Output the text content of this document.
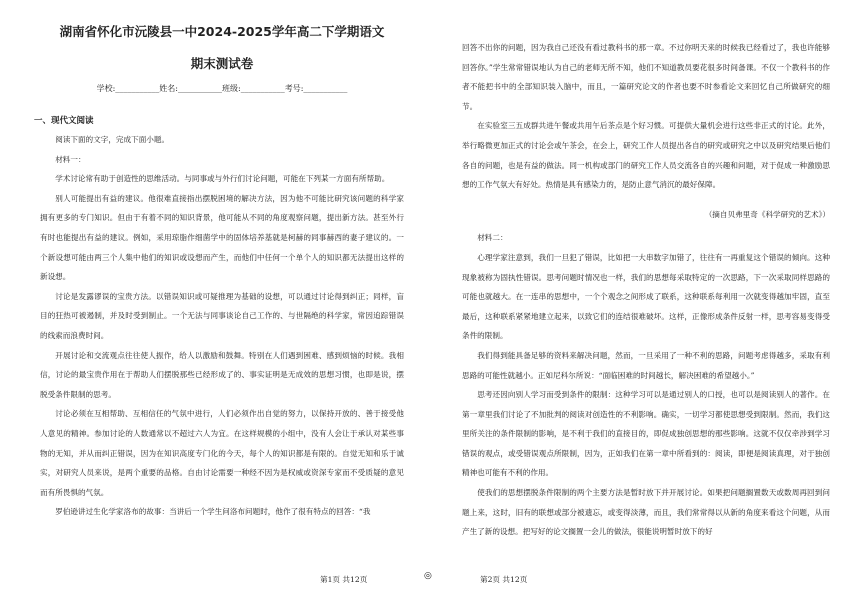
湖南省怀化市沅陵县一中2024-2025学年高二下学期语文
期末测试卷
学校:___________姓名:___________班级:___________考号:___________
一、现代文阅读

阅读下面的文字，完成下面小题。

材料一：

学术讨论常有助于创造性的思维活动。与同事或与外行们讨论问题，可能在下列某一方面有所帮助。

别人可能提出有益的建议。他很难直接指出摆脱困境的解决方法，因为他不可能比研究该问题的科学家拥有更多的专门知识。但由于有着不同的知识背景，他可能从不同的角度观察问题，提出新方法。甚至外行有时也能提出有益的建议。例如，采用琼脂作细菌学中的固体培养基就是柯赫的同事赫西的妻子建议的。一个新设想可能由两三个人集中他们的知识或设想而产生，而他们中任何一个单个人的知识都无法提出这样的新设想。

讨论是发露谬误的宝贵方法。以错误知识或可疑推理为基础的设想，可以通过讨论得到纠正；同样，盲目的狂热可被遏制，并及时受到制止。一个无法与同事谈论自己工作的、与世隔绝的科学家，常因追踪错误的线索而浪费时间。

开展讨论和交流观点往往使人振作，给人以激励和鼓舞。特别在人们遇到困难、感到烦恼的时候。我相信，讨论的最宝贵作用在于帮助人们摆脱那些已经形成了的、事实证明是无成效的思想习惯，也即是说，摆脱受条件限制的思考。

讨论必须在互相帮助、互相信任的气氛中进行，人们必须作出自觉的努力，以保持开放的、善于接受他人意见的精神。参加讨论的人数通常以不超过六人为宜。在这样规模的小组中，没有人会让于承认对某些事物的无知，并从而纠正错误，因为在知识高度专门化的今天，每个人的知识都是有限的。自觉无知和乐于诚实，对研究人员来说，是两个重要的品格。自由讨论需要一种经不因为是权威或资深专家而不受质疑的意见而有所畏惧的气氛。

罗伯逊讲过生化学家洛布的故事：当讲后一个学生问洛布问题时，他作了很有特点的回答：“我

回答不出你的问题，因为我自己还没有看过教科书的那一章。不过你明天来的时候我已经看过了，我也许能够回答你。”学生常常错误地认为自己的老师无所不知，他们不知道教员要花很多时间备课。不仅一个教科书的作者不能把书中的全部知识装入脑中，而且，一篇研究论文的作者也要不时参看论文来回忆自己所做研究的细节。

在实验室三五成群共进午餐或共用午后茶点是个好习惯。可提供大量机会进行这些非正式的讨论。此外，举行略微更加正式的讨论会或午茶会，在会上，研究工作人员提出各自的研究或研究之中以及研究结果后他们各自的问题，也是有益的做法。同一机构或部门的研究工作人员交流各自的兴趣和问题，对于促成一种激励思想的工作气氛大有好处。热情是具有感染力的，是防止意气消沉的最好保障。

（摘自贝弗里奇《科学研究的艺术》）

材料二：

心理学家注意到，我们一旦犯了错误，比如把一大串数字加错了，往往有一再重复这个错误的倾向。这种现象被称为固执性错误。思考问题时情况也一样，我们的思想每采取特定的一次思路，下一次采取同样思路的可能也就越大。在一连串的思想中，一个个观念之间形成了联系，这种联系每利用一次就变得越加牢固，直至最后，这种联系紧紧地建立起来，以致它们的连结很难破坏。这样，正像形成条件反射一样，思考容易变得受条件的限制。

我们得到能具备足够的资料来解决问题，然而，一旦采用了一种不利的思路，问题考虑得越多，采取有利思路的可能性就越小。正如尼科尔所说：“面临困难的时间越长，解决困难的希望越小。”

思考还因向别人学习而受到条件的限制：这种学习可以是通过别人的口授，也可以是阅读别人的著作。在第一章里我们讨论了不加批判的阅读对创造性的不利影响。确实，一切学习都使思想受到限制。然而，我们这里所关注的条件限制的影响，是不利于我们的直接目的，即促成独创思想的那些影响。这就不仅仅牵涉到学习错误的观点，或受错误观点所限制，因为，正如我们在第一章中所看到的：阅读，即便是阅读真理，对于独创精神也可能有不利的作用。

使我们的思想摆脱条件限制的两个主要方法是暂时放下并开展讨论。如果把问题搁置数天或数周再回到问题上来，这时，旧有的联想或部分被遗忘，或变得淡薄，而且，我们常常得以从新的角度来看这个问题，从而产生了新的设想。把写好的论文搁置一会儿的做法，很能说明暂时放下的好

第1页 共12页	◎	第2页 共12页
